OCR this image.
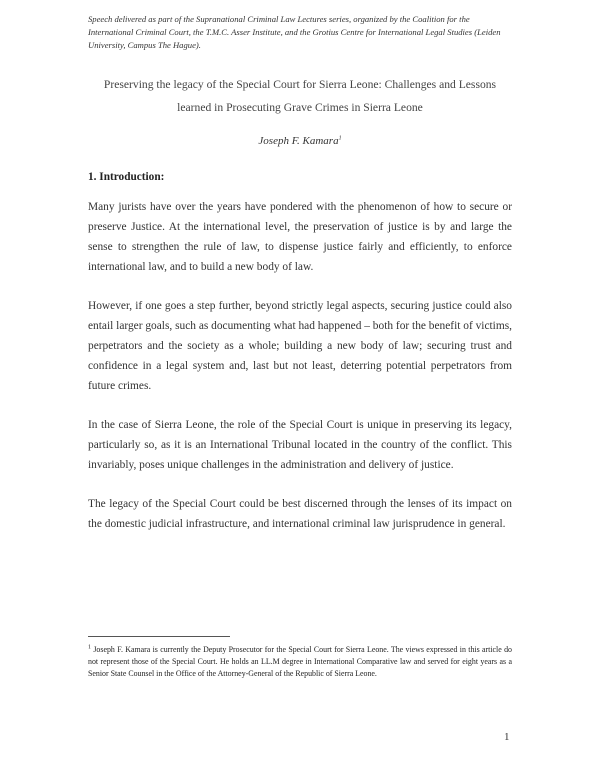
Speech delivered as part of the Supranational Criminal Law Lectures series, organized by the Coalition for the International Criminal Court, the T.M.C. Asser Institute, and the Grotius Centre for International Legal Studies (Leiden University, Campus The Hague).
Preserving the legacy of the Special Court for Sierra Leone: Challenges and Lessons learned in Prosecuting Grave Crimes in Sierra Leone
Joseph F. Kamara$^1$
1. Introduction:
Many jurists have over the years have pondered with the phenomenon of how to secure or preserve Justice. At the international level, the preservation of justice is by and large the sense to strengthen the rule of law, to dispense justice fairly and efficiently, to enforce international law, and to build a new body of law.
However, if one goes a step further, beyond strictly legal aspects, securing justice could also entail larger goals, such as documenting what had happened – both for the benefit of victims, perpetrators and the society as a whole; building a new body of law; securing trust and confidence in a legal system and, last but not least, deterring potential perpetrators from future crimes.
In the case of Sierra Leone, the role of the Special Court is unique in preserving its legacy, particularly so, as it is an International Tribunal located in the country of the conflict. This invariably, poses unique challenges in the administration and delivery of justice.
The legacy of the Special Court could be best discerned through the lenses of its impact on the domestic judicial infrastructure, and international criminal law jurisprudence in general.
$^1$ Joseph F. Kamara is currently the Deputy Prosecutor for the Special Court for Sierra Leone. The views expressed in this article do not represent those of the Special Court. He holds an LL.M degree in International Comparative law and served for eight years as a Senior State Counsel in the Office of the Attorney-General of the Republic of Sierra Leone.
1
